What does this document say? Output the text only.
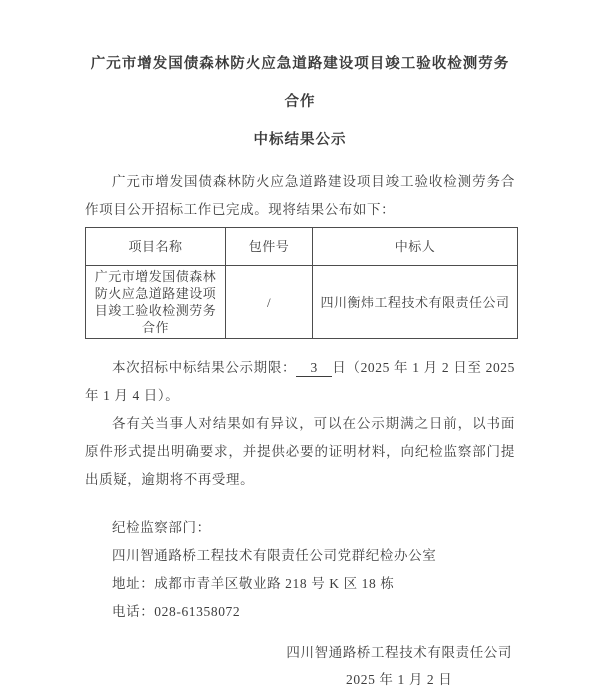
广元市增发国债森林防火应急道路建设项目竣工验收检测劳务合作
中标结果公示

广元市增发国债森林防火应急道路建设项目竣工验收检测劳务合作项目公开招标工作已完成。现将结果公布如下：

项目名称	包件号	中标人
广元市增发国债森林防火应急道路建设项目竣工验收检测劳务合作	/	四川衡炜工程技术有限责任公司

本次招标中标结果公示期限： 3 日（2025 年 1 月 2 日至 2025 年 1 月 4 日）。

各有关当事人对结果如有异议，可以在公示期满之日前，以书面原件形式提出明确要求，并提供必要的证明材料，向纪检监察部门提出质疑，逾期将不再受理。

纪检监察部门：

四川智通路桥工程技术有限责任公司党群纪检办公室

地址：成都市青羊区敬业路 218 号 K 区 18 栋

电话：028-61358072

四川智通路桥工程技术有限责任公司
2025 年 1 月 2 日
